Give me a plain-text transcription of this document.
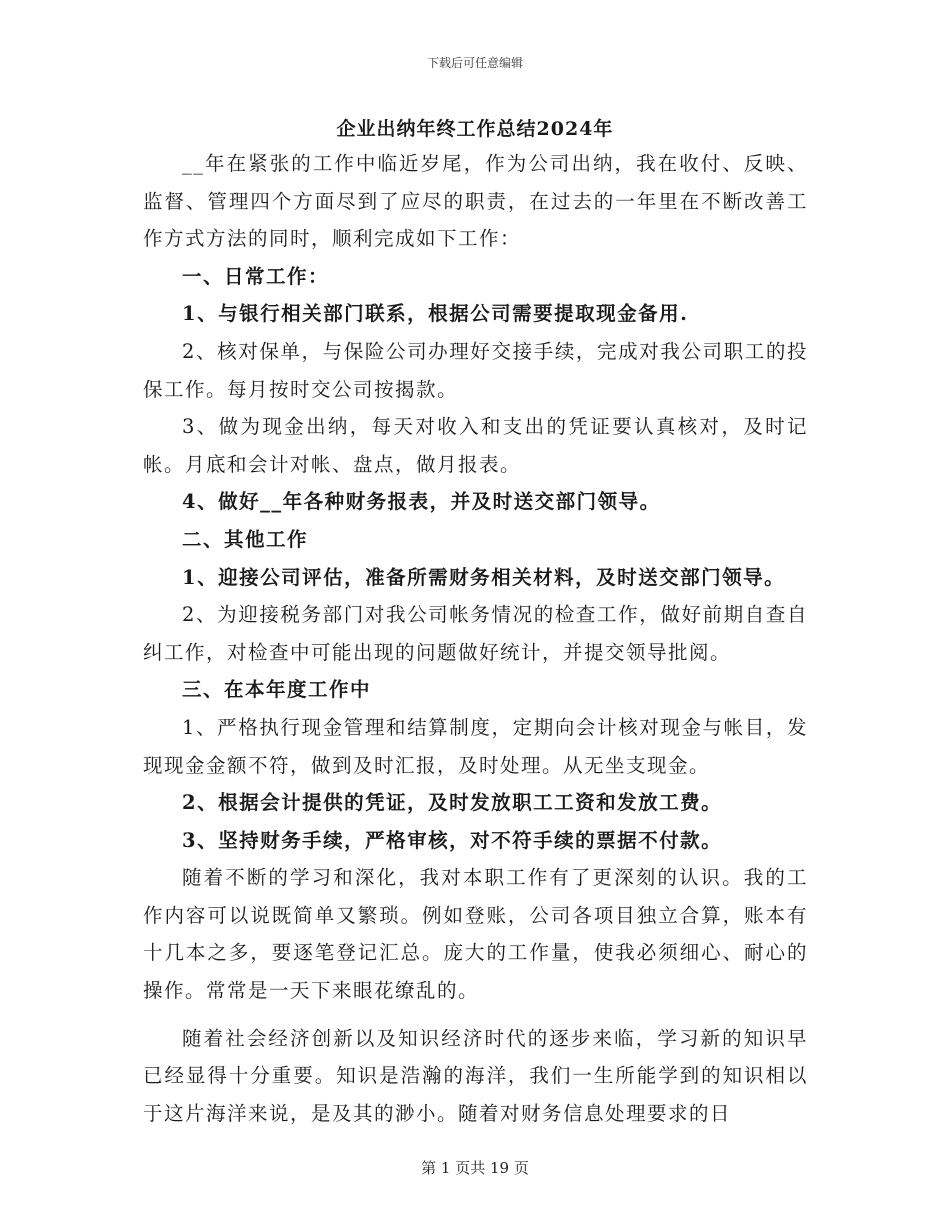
下载后可任意编辑
企业出纳年终工作总结2024年

__年在紧张的工作中临近岁尾，作为公司出纳，我在收付、反映、监督、管理四个方面尽到了应尽的职责，在过去的一年里在不断改善工作方式方法的同时，顺利完成如下工作：

一、日常工作：

1、与银行相关部门联系，根据公司需要提取现金备用.

2、核对保单，与保险公司办理好交接手续，完成对我公司职工的投保工作。每月按时交公司按揭款。

3、做为现金出纳，每天对收入和支出的凭证要认真核对，及时记帐。月底和会计对帐、盘点，做月报表。

4、做好__年各种财务报表，并及时送交部门领导。

二、其他工作

1、迎接公司评估，准备所需财务相关材料，及时送交部门领导。

2、为迎接税务部门对我公司帐务情况的检查工作，做好前期自查自纠工作，对检查中可能出现的问题做好统计，并提交领导批阅。

三、在本年度工作中

1、严格执行现金管理和结算制度，定期向会计核对现金与帐目，发现现金金额不符，做到及时汇报，及时处理。从无坐支现金。

2、根据会计提供的凭证，及时发放职工工资和发放工费。

3、坚持财务手续，严格审核，对不符手续的票据不付款。

随着不断的学习和深化，我对本职工作有了更深刻的认识。我的工作内容可以说既简单又繁琐。例如登账，公司各项目独立合算，账本有十几本之多，要逐笔登记汇总。庞大的工作量，使我必须细心、耐心的操作。常常是一天下来眼花缭乱的。

随着社会经济创新以及知识经济时代的逐步来临，学习新的知识早已经显得十分重要。知识是浩瀚的海洋，我们一生所能学到的知识相以于这片海洋来说，是及其的渺小。随着对财务信息处理要求的日

第 1 页共 19 页
